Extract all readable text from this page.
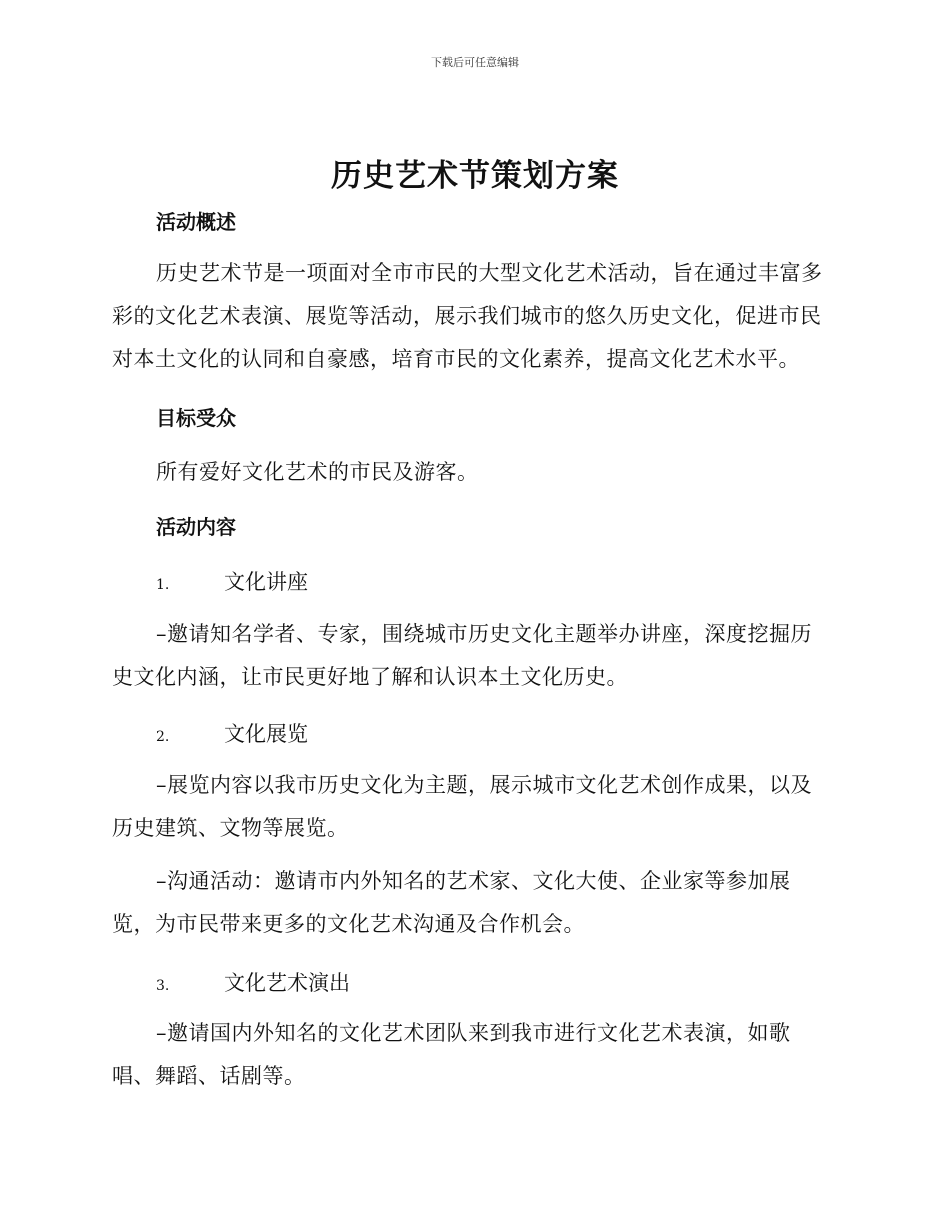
下载后可任意编辑
历史艺术节策划方案
活动概述
历史艺术节是一项面对全市市民的大型文化艺术活动，旨在通过丰富多彩的文化艺术表演、展览等活动，展示我们城市的悠久历史文化，促进市民对本土文化的认同和自豪感，培育市民的文化素养，提高文化艺术水平。
目标受众
所有爱好文化艺术的市民及游客。
活动内容
1.	文化讲座
–邀请知名学者、专家，围绕城市历史文化主题举办讲座，深度挖掘历史文化内涵，让市民更好地了解和认识本土文化历史。
2.	文化展览
–展览内容以我市历史文化为主题，展示城市文化艺术创作成果，以及历史建筑、文物等展览。
–沟通活动：邀请市内外知名的艺术家、文化大使、企业家等参加展览，为市民带来更多的文化艺术沟通及合作机会。
3.	文化艺术演出
–邀请国内外知名的文化艺术团队来到我市进行文化艺术表演，如歌唱、舞蹈、话剧等。
